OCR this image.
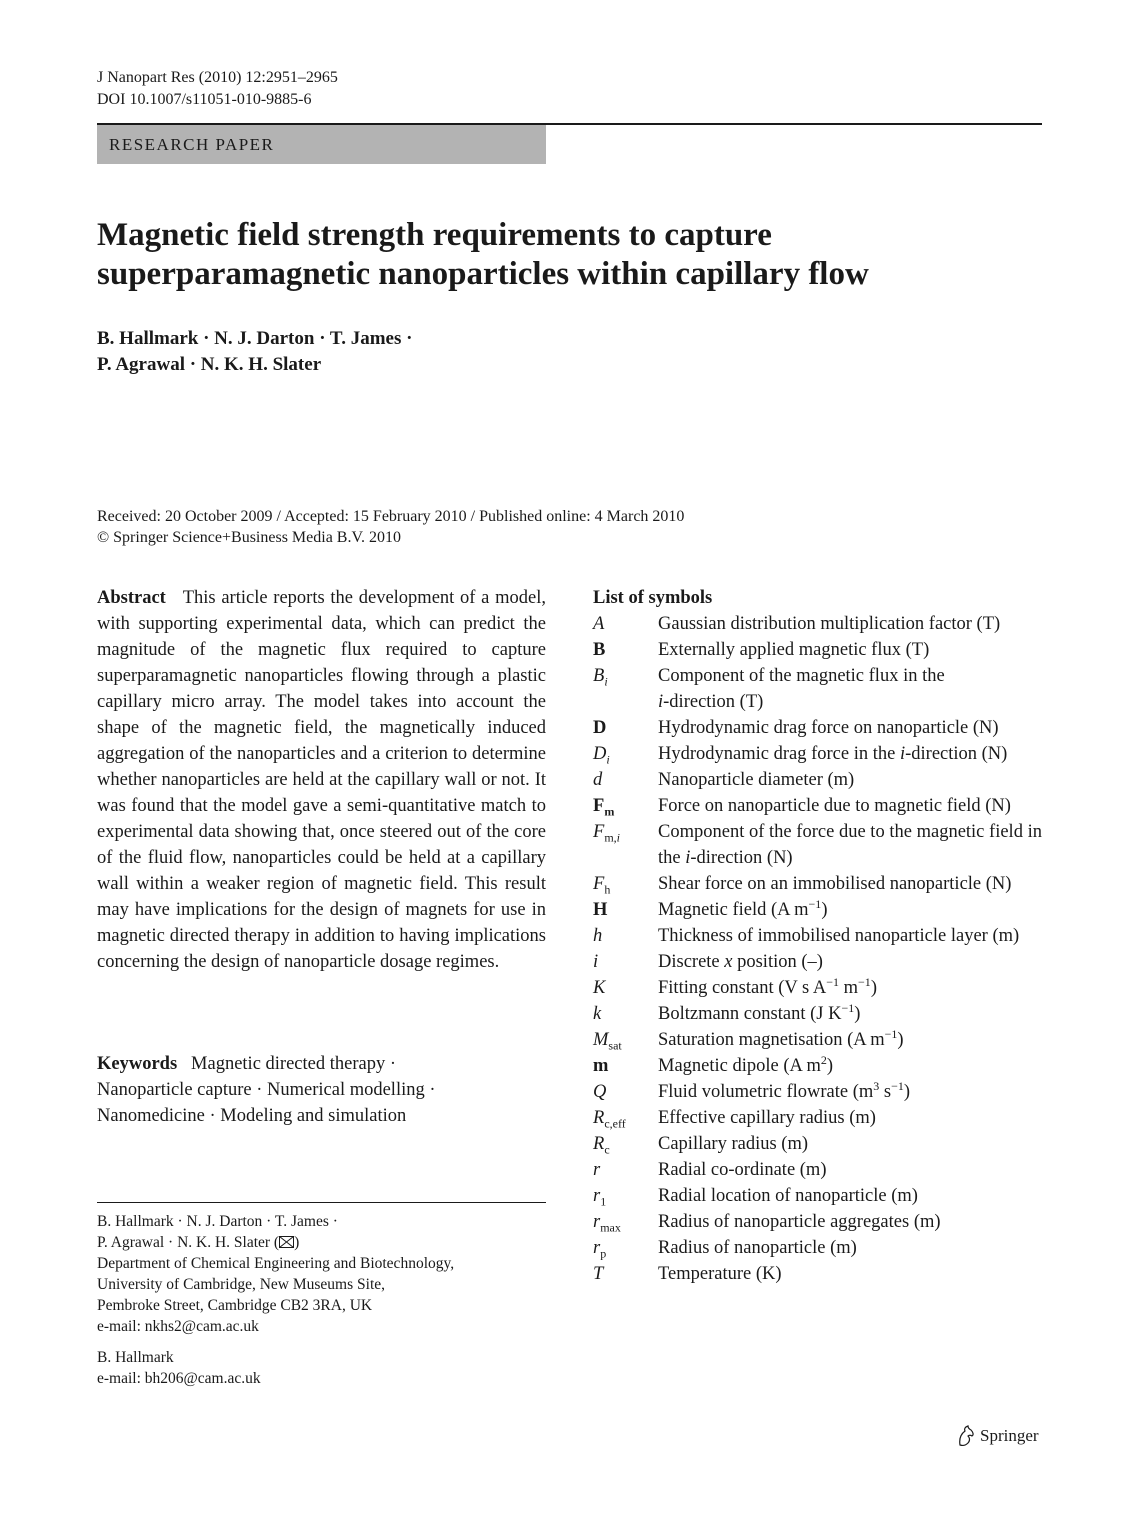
J Nanopart Res (2010) 12:2951–2965
DOI 10.1007/s11051-010-9885-6
RESEARCH PAPER
Magnetic field strength requirements to capture
superparamagnetic nanoparticles within capillary flow
B. Hallmark · N. J. Darton · T. James ·
P. Agrawal · N. K. H. Slater
Received: 20 October 2009 / Accepted: 15 February 2010 / Published online: 4 March 2010
© Springer Science+Business Media B.V. 2010

Abstract This article reports the development of a model, with supporting experimental data, which can predict the magnitude of the magnetic flux required to capture superparamagnetic nanoparticles flowing through a plastic capillary micro array. The model takes into account the shape of the magnetic field, the magnetically induced aggregation of the nanoparticles and a criterion to determine whether nanoparticles are held at the capillary wall or not. It was found that the model gave a semi-quantitative match to experimental data showing that, once steered out of the core of the fluid flow, nanoparticles could be held at a capillary wall within a weaker region of magnetic field. This result may have implications for the design of magnets for use in magnetic directed therapy in addition to having implications concerning the design of nanoparticle dosage regimes.

Keywords Magnetic directed therapy ·
Nanoparticle capture · Numerical modelling ·
Nanomedicine · Modeling and simulation
B. Hallmark · N. J. Darton · T. James ·
P. Agrawal · N. K. H. Slater ( )
Department of Chemical Engineering and Biotechnology,
University of Cambridge, New Museums Site,
Pembroke Street, Cambridge CB2 3RA, UK
e-mail: nkhs2@cam.ac.uk
B. Hallmark
e-mail: bh206@cam.ac.uk
List of symbols
A	Gaussian distribution multiplication factor (T)
B	Externally applied magnetic flux (T)
$B_i$	Component of the magnetic flux in the
i-direction (T)
D	Hydrodynamic drag force on nanoparticle (N)
$D_i$	Hydrodynamic drag force in the i-direction (N)
d	Nanoparticle diameter (m)
$F_m$	Force on nanoparticle due to magnetic field (N)
$F_{m,i}$	Component of the force due to the magnetic field in the i-direction (N)
$F_h$	Shear force on an immobilised nanoparticle (N)
H	Magnetic field (A $m^{-1}$)
h	Thickness of immobilised nanoparticle layer (m)
i	Discrete x position (–)
K	Fitting constant (V s $A^{-1}$ $m^{-1}$)
k	Boltzmann constant (J $K^{-1}$)
$M_{sat}$	Saturation magnetisation (A $m^{-1}$)
m	Magnetic dipole (A $m^2$)
Q	Fluid volumetric flowrate ($m^3$ $s^{-1}$)
$R_{c,eff}$	Effective capillary radius (m)
$R_c$	Capillary radius (m)
r	Radial co-ordinate (m)
$r_1$	Radial location of nanoparticle (m)
$r_{max}$	Radius of nanoparticle aggregates (m)
$r_p$	Radius of nanoparticle (m)
T	Temperature (K)
Springer
